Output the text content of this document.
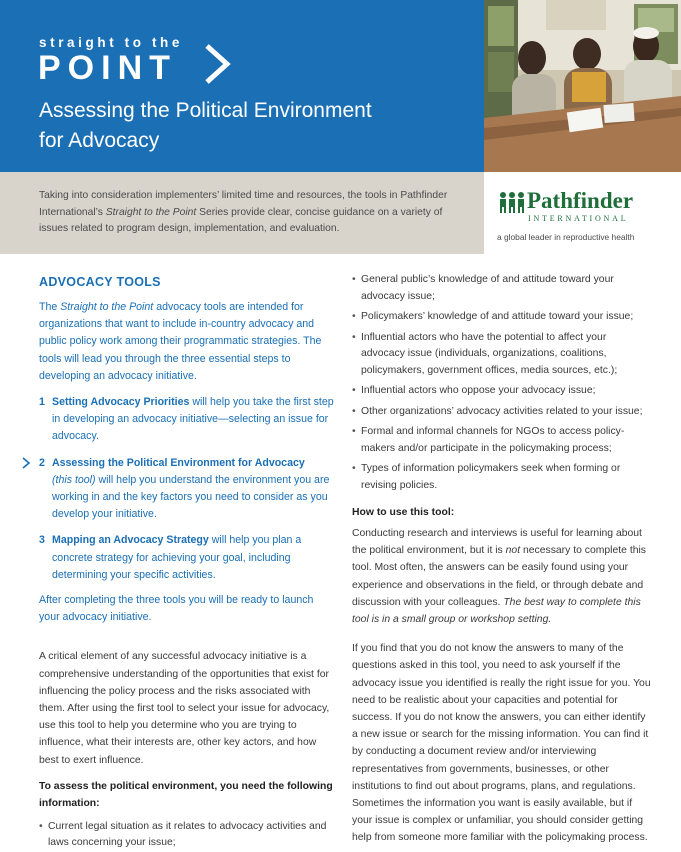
straight to the
POINT
Assessing the Political Environment
for Advocacy
Taking into consideration implementers’ limited time and resources, the tools in Pathfinder
International’s Straight to the Point Series provide clear, concise guidance on a variety of
issues related to program design, implementation, and evaluation.
Pathfinder
INTERNATIONAL
a global leader in reproductive health
ADVOCACY TOOLS

The Straight to the Point advocacy tools are intended for organizations that want to include in-country advocacy and public policy work among their programmatic strategies. The tools will lead you through the three essential steps to developing an advocacy initiative.

1 Setting Advocacy Priorities will help you take the first step in developing an advocacy initiative—selecting an issue for advocacy.
2 Assessing the Political Environment for Advocacy
(this tool) will help you understand the environment you are working in and the key factors you need to consider as you develop your initiative.
3 Mapping an Advocacy Strategy will help you plan a concrete strategy for achieving your goal, including determining your specific activities.

After completing the three tools you will be ready to launch your advocacy initiative.

A critical element of any successful advocacy initiative is a comprehensive understanding of the opportunities that exist for influencing the policy process and the risks associated with them. After using the first tool to select your issue for advocacy, use this tool to help you determine who you are trying to influence, what their interests are, other key actors, and how best to exert influence.

To assess the political environment, you need the following information:

• Current legal situation as it relates to advocacy activities and laws concerning your issue;
• General public’s knowledge of and attitude toward your advocacy issue;
• Policymakers’ knowledge of and attitude toward your issue;
• Influential actors who have the potential to affect your advocacy issue (individuals, organizations, coalitions, policymakers, government offices, media sources, etc.);
• Influential actors who oppose your advocacy issue;
• Other organizations’ advocacy activities related to your issue;
• Formal and informal channels for NGOs to access policy-makers and/or participate in the policymaking process;
• Types of information policymakers seek when forming or revising policies.

How to use this tool:

Conducting research and interviews is useful for learning about the political environment, but it is not necessary to complete this tool. Most often, the answers can be easily found using your experience and observations in the field, or through debate and discussion with your colleagues. The best way to complete this tool is in a small group or workshop setting.

If you find that you do not know the answers to many of the questions asked in this tool, you need to ask yourself if the advocacy issue you identified is really the right issue for you. You need to be realistic about your capacities and potential for success. If you do not know the answers, you can either identify a new issue or search for the missing information. You can find it by conducting a document review and/or interviewing representatives from governments, businesses, or other institutions to find out about programs, plans, and regulations. Sometimes the information you want is easily available, but if your issue is complex or unfamiliar, you should consider getting help from someone more familiar with the policymaking process.
